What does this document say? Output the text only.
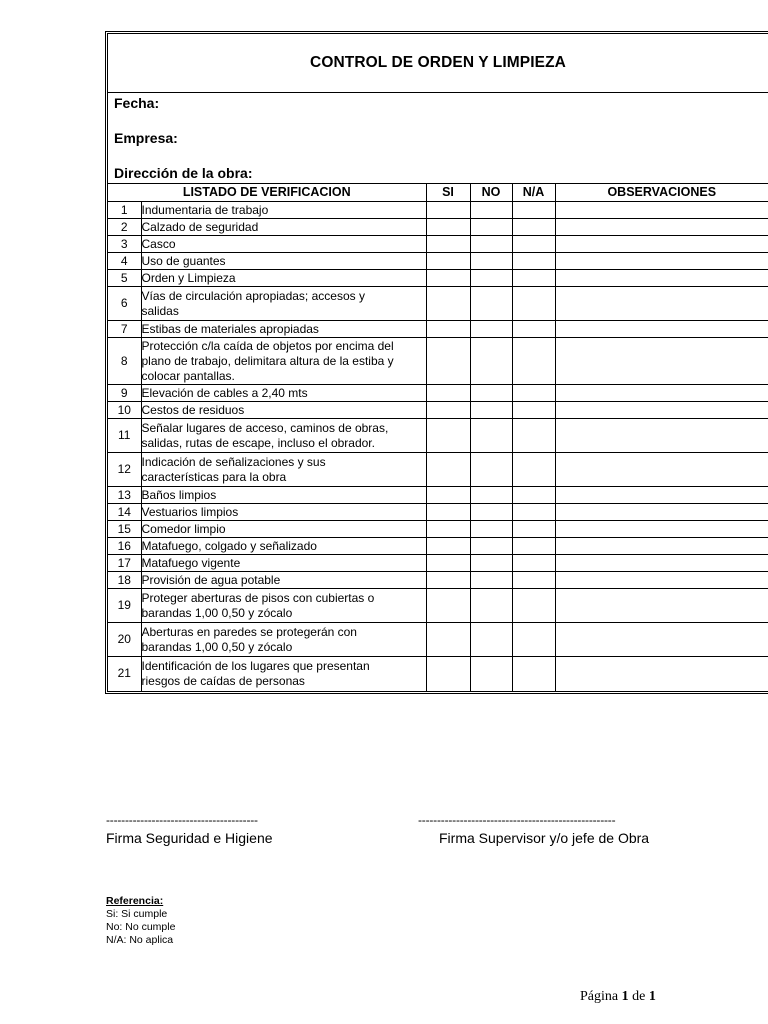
CONTROL DE ORDEN Y LIMPIEZA
Fecha:
Empresa:
Dirección de la obra:
LISTADO DE VERIFICACION		SI	NO	N/A	OBSERVACIONES
1	Indumentaria de trabajo				

2	Calzado de seguridad				

3	Casco				

4	Uso de guantes				

5	Orden y Limpieza				

6	Vías de circulación apropiadas; accesos y
salidas				

7	Estibas de materiales apropiadas				

8	Protección c/la caída de objetos por encima del
plano de trabajo, delimitara altura de la estiba y
colocar pantallas.				

9	Elevación de cables a 2,40 mts				

10	Cestos de residuos				

11	Señalar lugares de acceso, caminos de obras,
salidas, rutas de escape, incluso el obrador.				

12	Indicación de señalizaciones y sus
características para la obra				

13	Baños limpios				

14	Vestuarios limpios				

15	Comedor limpio				

16	Matafuego, colgado y señalizado				

17	Matafuego vigente				

18	Provisión de agua potable				

19	Proteger aberturas de pisos con cubiertas o
barandas 1,00 0,50 y zócalo				

20	Aberturas en paredes se protegerán con
barandas 1,00 0,50 y zócalo				

21	Identificación de los lugares que presentan
riesgos de caídas de personas				

----------------------------------------
Firma Seguridad e Higiene
----------------------------------------------------
Firma Supervisor y/o jefe de Obra
Referencia:
Si: Si cumple
No: No cumple
N/A: No aplica
Página 1 de 1
